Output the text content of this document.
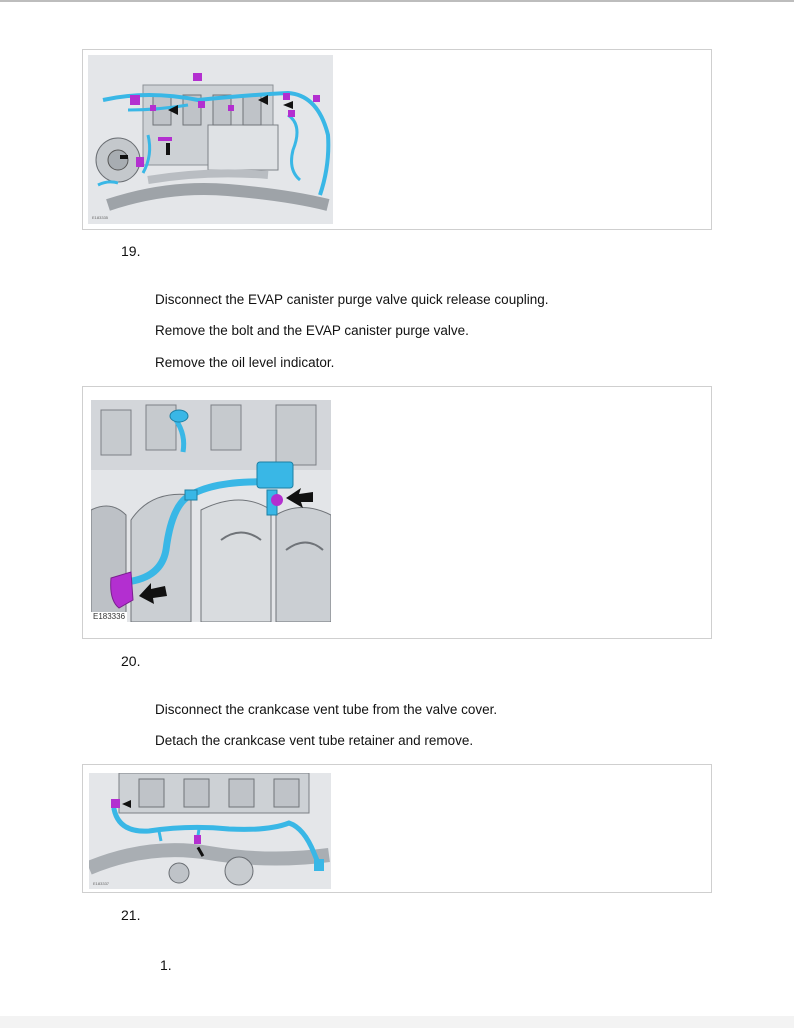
E183335
19.
Disconnect the EVAP canister purge valve quick release coupling.
Remove the bolt and the EVAP canister purge valve.
Remove the oil level indicator.
E183336
20.
Disconnect the crankcase vent tube from the valve cover.
Detach the crankcase vent tube retainer and remove.
E183337
21.
1.
